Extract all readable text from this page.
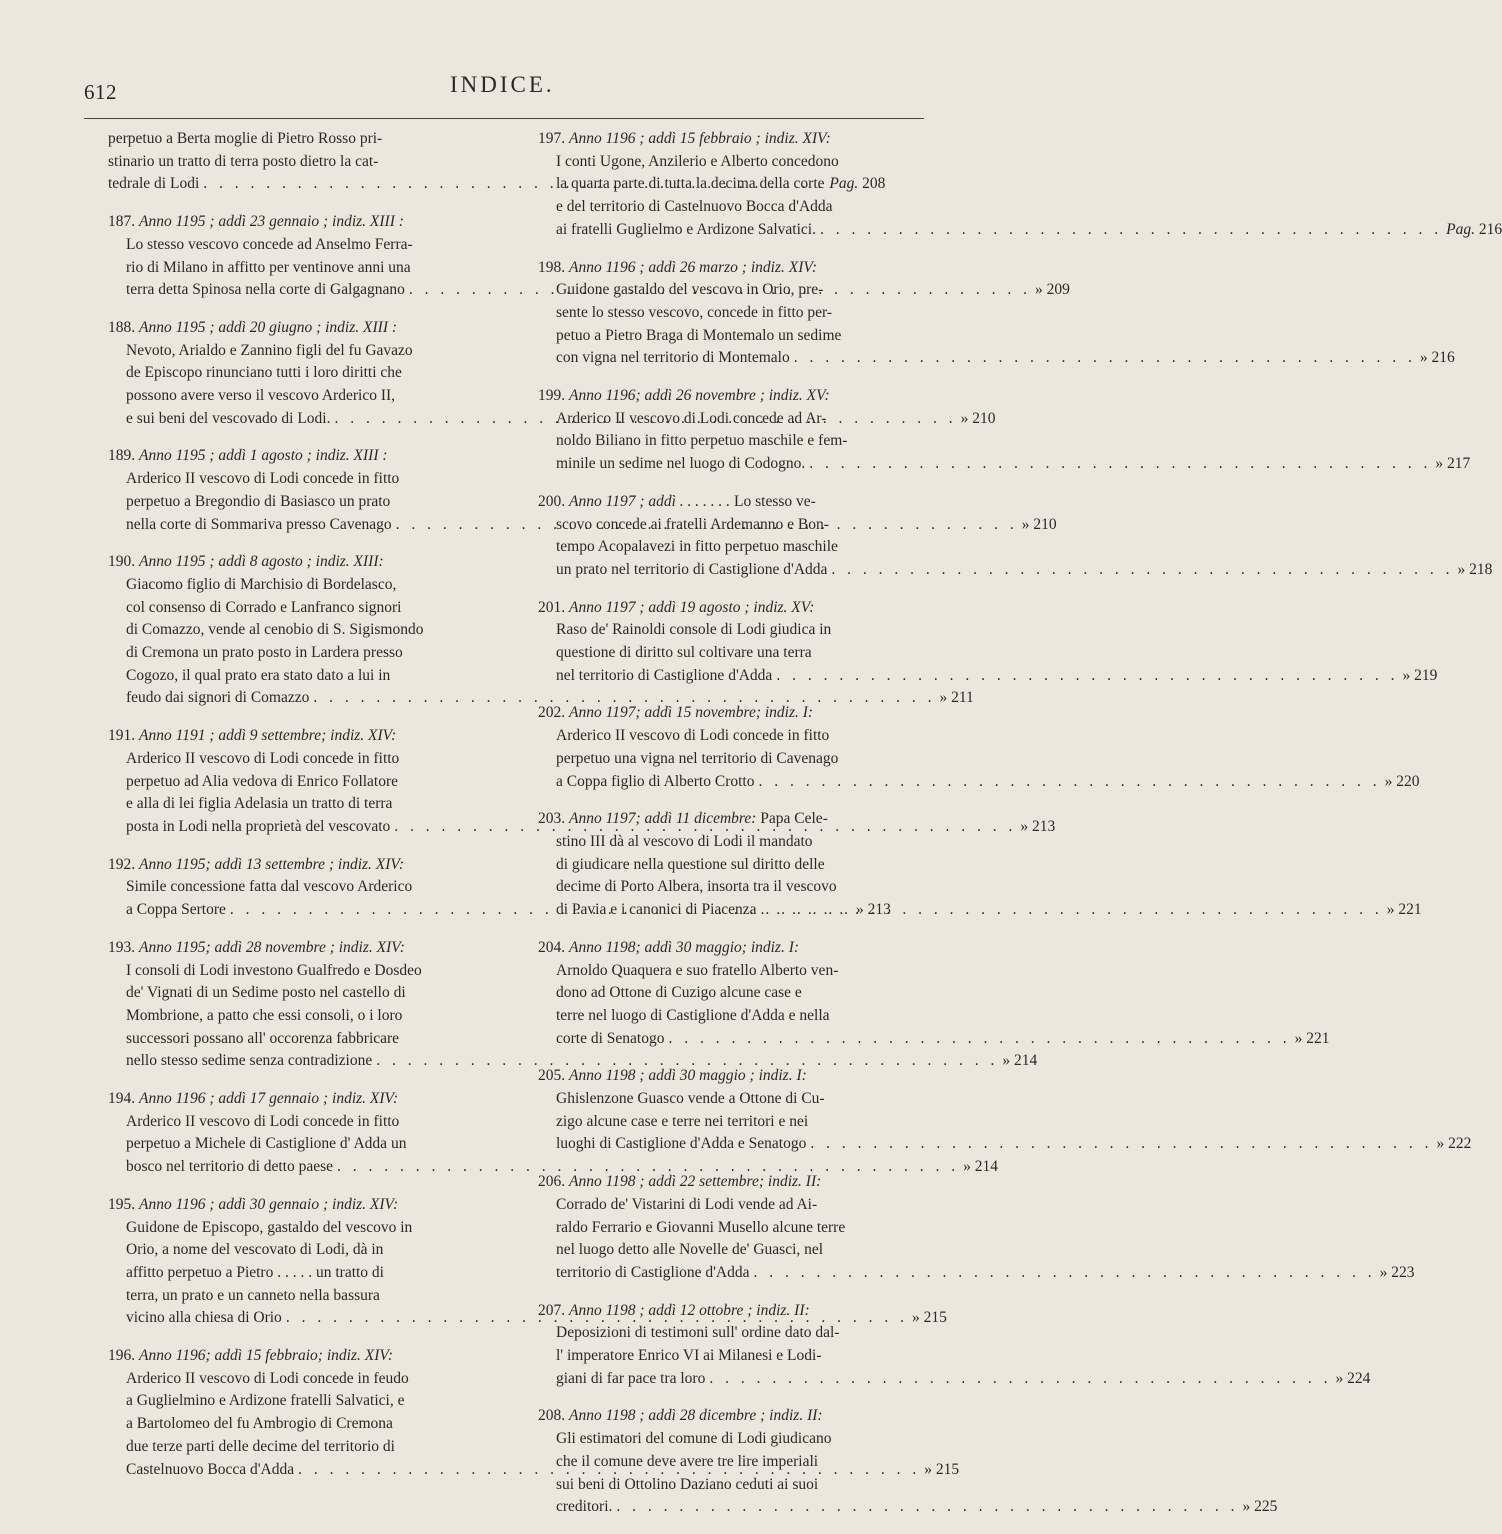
612	INDICE.
perpetuo a Berta moglie di Pietro Rosso pri-
stinario un tratto di terra posto dietro la cat-
tedrale di Lodi . . .	Pag. 208
187. Anno 1195 ; addì 23 gennaio ; indiz. XIII :
Lo stesso vescovo concede ad Anselmo Ferra-
rio di Milano in affitto per ventinove anni una
terra detta Spinosa nella corte di Galgagnano . . .	» 209
188. Anno 1195 ; addì 20 giugno ; indiz. XIII :
Nevoto, Arialdo e Zannino figli del fu Gavazo
de Episcopo rinunciano tutti i loro diritti che
possono avere verso il vescovo Arderico II,
e sui beni del vescovado di Lodi. . . .	» 210
189. Anno 1195 ; addì 1 agosto ; indiz. XIII :
Arderico II vescovo di Lodi concede in fitto
perpetuo a Bregondio di Basiasco un prato
nella corte di Sommariva presso Cavenago . . .	» 210
190. Anno 1195 ; addì 8 agosto ; indiz. XIII:
Giacomo figlio di Marchisio di Bordelasco,
col consenso di Corrado e Lanfranco signori
di Comazzo, vende al cenobio di S. Sigismondo
di Cremona un prato posto in Lardera presso
Cogozo, il qual prato era stato dato a lui in
feudo dai signori di Comazzo . . .	» 211
191. Anno 1191 ; addì 9 settembre; indiz. XIV:
Arderico II vescovo di Lodi concede in fitto
perpetuo ad Alia vedova di Enrico Follatore
e alla di lei figlia Adelasia un tratto di terra
posta in Lodi nella proprietà del vescovato . . .	» 213
192. Anno 1195; addì 13 settembre ; indiz. XIV:
Simile concessione fatta dal vescovo Arderico
a Coppa Sertore . . .	» 213
193. Anno 1195; addì 28 novembre ; indiz. XIV:
I consoli di Lodi investono Gualfredo e Dosdeo
de' Vignati di un Sedime posto nel castello di
Mombrione, a patto che essi consoli, o i loro
successori possano all' occorenza fabbricare
nello stesso sedime senza contradizione . . .	» 214
194. Anno 1196 ; addì 17 gennaio ; indiz. XIV:
Arderico II vescovo di Lodi concede in fitto
perpetuo a Michele di Castiglione d' Adda un
bosco nel territorio di detto paese . . .	» 214
195. Anno 1196 ; addì 30 gennaio ; indiz. XIV:
Guidone de Episcopo, gastaldo del vescovo in
Orio, a nome del vescovato di Lodi, dà in
affitto perpetuo a Pietro . . . . . un tratto di
terra, un prato e un canneto nella bassura
vicino alla chiesa di Orio . . .	» 215
196. Anno 1196; addì 15 febbraio; indiz. XIV:
Arderico II vescovo di Lodi concede in feudo
a Guglielmino e Ardizone fratelli Salvatici, e
a Bartolomeo del fu Ambrogio di Cremona
due terze parti delle decime del territorio di
Castelnuovo Bocca d'Adda . . .	» 215
197. Anno 1196 ; addì 15 febbraio ; indiz. XIV:
I conti Ugone, Anzilerio e Alberto concedono
la quarta parte di tutta la decima della corte
e del territorio di Castelnuovo Bocca d'Adda
ai fratelli Guglielmo e Ardizone Salvatici. . . .	Pag. 216
198. Anno 1196 ; addì 26 marzo ; indiz. XIV:
Guidone gastaldo del vescovo in Orio, pre-
sente lo stesso vescovo, concede in fitto per-
petuo a Pietro Braga di Montemalo un sedime
con vigna nel territorio di Montemalo . . .	» 216
199. Anno 1196; addì 26 novembre ; indiz. XV:
Arderico II vescovo di Lodi concede ad Ar-
noldo Biliano in fitto perpetuo maschile e fem-
minile un sedime nel luogo di Codogno. . . .	» 217
200. Anno 1197 ; addì . . . . . . . Lo stesso ve-
scovo concede ai fratelli Ardemanno e Bon-
tempo Acopalavezi in fitto perpetuo maschile
un prato nel territorio di Castiglione d'Adda . . .	» 218
201. Anno 1197 ; addì 19 agosto ; indiz. XV:
Raso de' Rainoldi console di Lodi giudica in
questione di diritto sul coltivare una terra
nel territorio di Castiglione d'Adda . . .	» 219
202. Anno 1197; addì 15 novembre; indiz. I:
Arderico II vescovo di Lodi concede in fitto
perpetuo una vigna nel territorio di Cavenago
a Coppa figlio di Alberto Crotto . . .	» 220
203. Anno 1197; addì 11 dicembre: Papa Cele-
stino III dà al vescovo di Lodi il mandato
di giudicare nella questione sul diritto delle
decime di Porto Albera, insorta tra il vescovo
di Pavia e i canonici di Piacenza . . .	» 221
204. Anno 1198; addì 30 maggio; indiz. I:
Arnoldo Quaquera e suo fratello Alberto ven-
dono ad Ottone di Cuzigo alcune case e
terre nel luogo di Castiglione d'Adda e nella
corte di Senatogo . . .	» 221
205. Anno 1198 ; addì 30 maggio ; indiz. I:
Ghislenzone Guasco vende a Ottone di Cu-
zigo alcune case e terre nei territori e nei
luoghi di Castiglione d'Adda e Senatogo . . .	» 222
206. Anno 1198 ; addì 22 settembre; indiz. II:
Corrado de' Vistarini di Lodi vende ad Ai-
raldo Ferrario e Giovanni Musello alcune terre
nel luogo detto alle Novelle de' Guasci, nel
territorio di Castiglione d'Adda . . .	» 223
207. Anno 1198 ; addì 12 ottobre ; indiz. II:
Deposizioni di testimoni sull' ordine dato dal-
l' imperatore Enrico VI ai Milanesi e Lodi-
giani di far pace tra loro . . .	» 224
208. Anno 1198 ; addì 28 dicembre ; indiz. II:
Gli estimatori del comune di Lodi giudicano
che il comune deve avere tre lire imperiali
sui beni di Ottolino Daziano ceduti ai suoi
creditori. . . .	» 225
